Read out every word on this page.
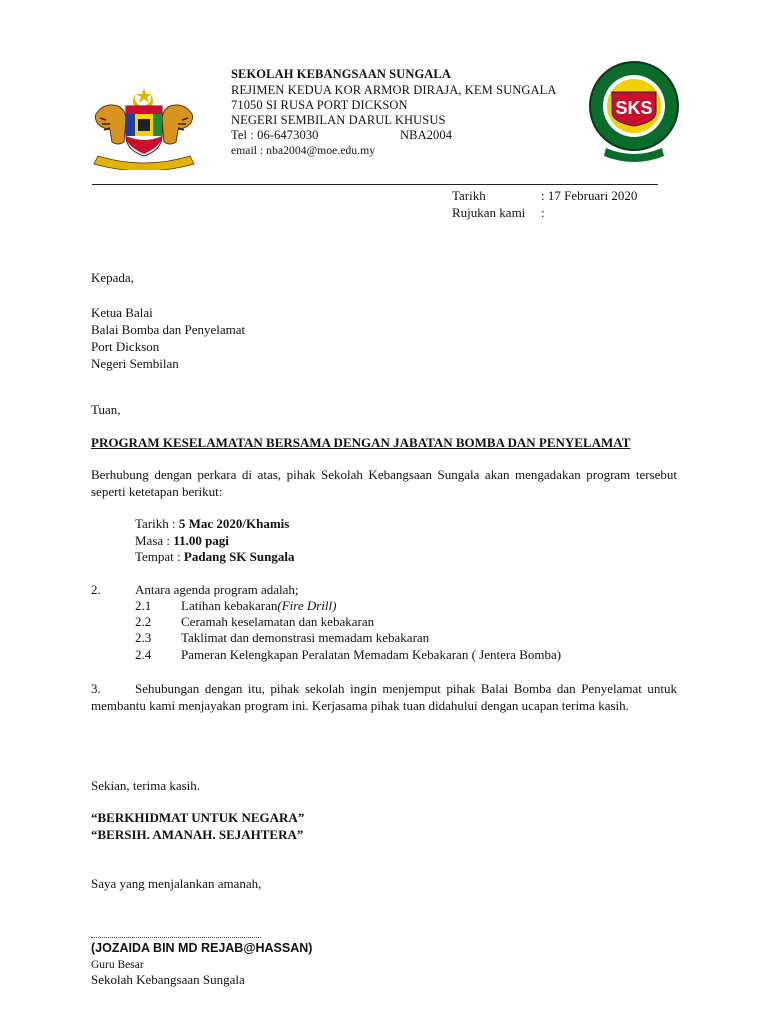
SEKOLAH KEBANGSAAN SUNGALA
REJIMEN KEDUA KOR ARMOR DIRAJA, KEM SUNGALA
71050 SI RUSA PORT DICKSON
NEGERI SEMBILAN DARUL KHUSUS
Tel : 06-6473030	NBA2004
email : nba2004@moe.edu.my
SKS
Tarikh	: 17 Februari 2020
Rujukan kami :
Kepada,
Ketua Balai
Balai Bomba dan Penyelamat
Port Dickson
Negeri Sembilan
Tuan,
PROGRAM KESELAMATAN BERSAMA DENGAN JABATAN BOMBA DAN PENYELAMAT
Berhubung dengan perkara di atas, pihak Sekolah Kebangsaan Sungala akan mengadakan program tersebut seperti ketetapan berikut:
Tarikh : 5 Mac 2020/Khamis
Masa : 11.00 pagi
Tempat : Padang SK Sungala
2.	Antara agenda program adalah;
2.1 Latihan kebakaran(Fire Drill)
2.2 Ceramah keselamatan dan kebakaran
2.3 Taklimat dan demonstrasi memadam kebakaran
2.4 Pameran Kelengkapan Peralatan Memadam Kebakaran ( Jentera Bomba)
3.	Sehubungan dengan itu, pihak sekolah ingin menjemput pihak Balai Bomba dan Penyelamat untuk membantu kami menjayakan program ini. Kerjasama pihak tuan didahului dengan ucapan terima kasih.
Sekian, terima kasih.
“BERKHIDMAT UNTUK NEGARA”
“BERSIH. AMANAH. SEJAHTERA”
Saya yang menjalankan amanah,
(JOZAIDA BIN MD REJAB@HASSAN)
Guru Besar
Sekolah Kebangsaan Sungala
